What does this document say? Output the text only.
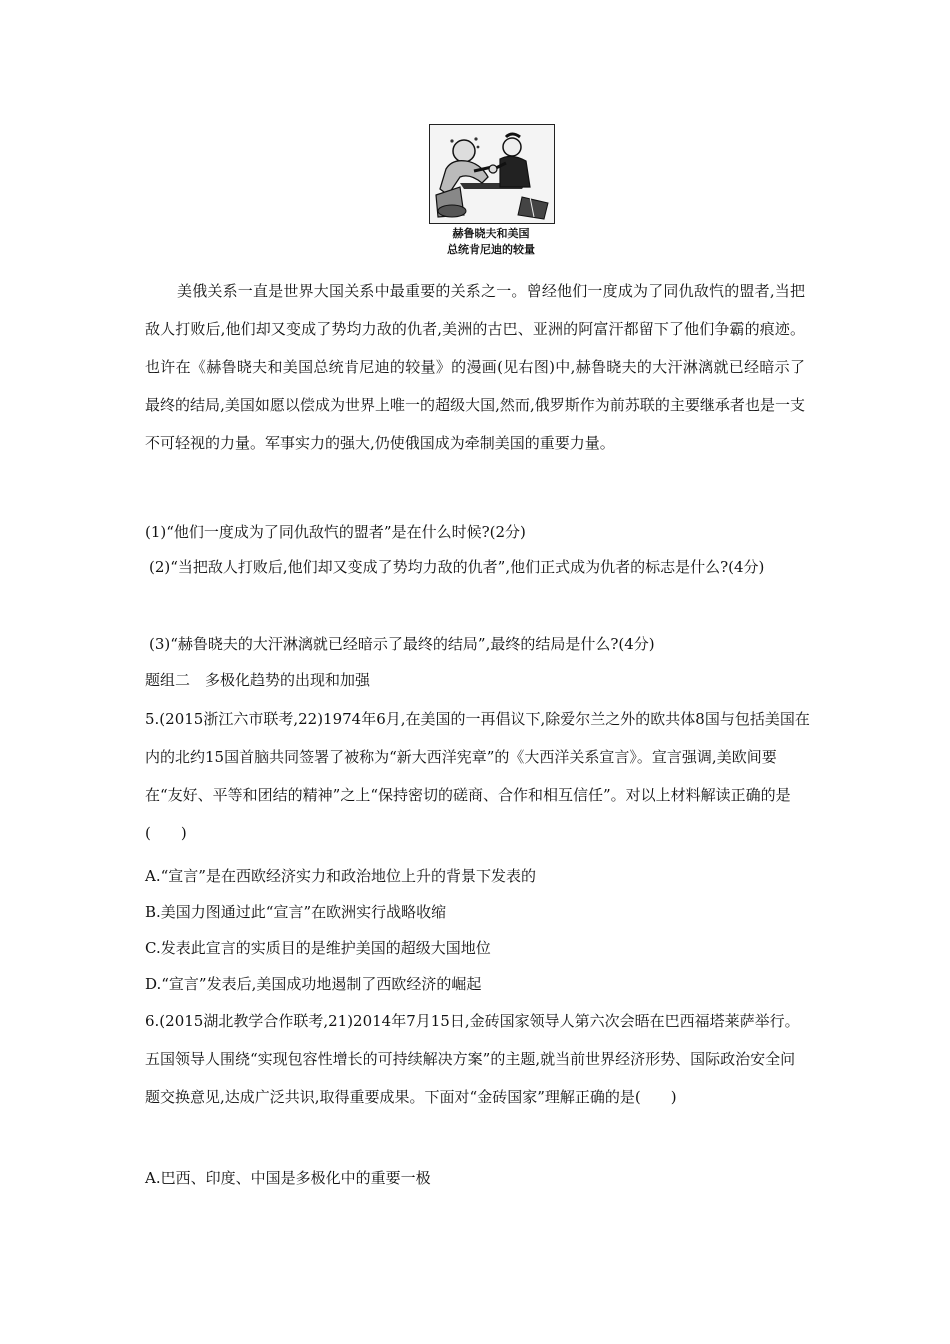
赫鲁晓夫和美国
总统肯尼迪的较量

美俄关系一直是世界大国关系中最重要的关系之一。曾经他们一度成为了同仇敌忾的盟者,当把敌人打败后,他们却又变成了势均力敌的仇者,美洲的古巴、亚洲的阿富汗都留下了他们争霸的痕迹。也许在《赫鲁晓夫和美国总统肯尼迪的较量》的漫画(见右图)中,赫鲁晓夫的大汗淋漓就已经暗示了最终的结局,美国如愿以偿成为世界上唯一的超级大国,然而,俄罗斯作为前苏联的主要继承者也是一支不可轻视的力量。军事实力的强大,仍使俄国成为牵制美国的重要力量。

(1)“他们一度成为了同仇敌忾的盟者”是在什么时候?(2分)

(2)“当把敌人打败后,他们却又变成了势均力敌的仇者”,他们正式成为仇者的标志是什么?(4分)

(3)“赫鲁晓夫的大汗淋漓就已经暗示了最终的结局”,最终的结局是什么?(4分)

题组二　多极化趋势的出现和加强

5.(2015浙江六市联考,22)1974年6月,在美国的一再倡议下,除爱尔兰之外的欧共体8国与包括美国在内的北约15国首脑共同签署了被称为“新大西洋宪章”的《大西洋关系宣言》。宣言强调,美欧间要在“友好、平等和团结的精神”之上“保持密切的磋商、合作和相互信任”。对以上材料解读正确的是(　　)

A.“宣言”是在西欧经济实力和政治地位上升的背景下发表的

B.美国力图通过此“宣言”在欧洲实行战略收缩

C.发表此宣言的实质目的是维护美国的超级大国地位

D.“宣言”发表后,美国成功地遏制了西欧经济的崛起

6.(2015湖北教学合作联考,21)2014年7月15日,金砖国家领导人第六次会晤在巴西福塔莱萨举行。五国领导人围绕“实现包容性增长的可持续解决方案”的主题,就当前世界经济形势、国际政治安全问题交换意见,达成广泛共识,取得重要成果。下面对“金砖国家”理解正确的是(　　)

A.巴西、印度、中国是多极化中的重要一极
